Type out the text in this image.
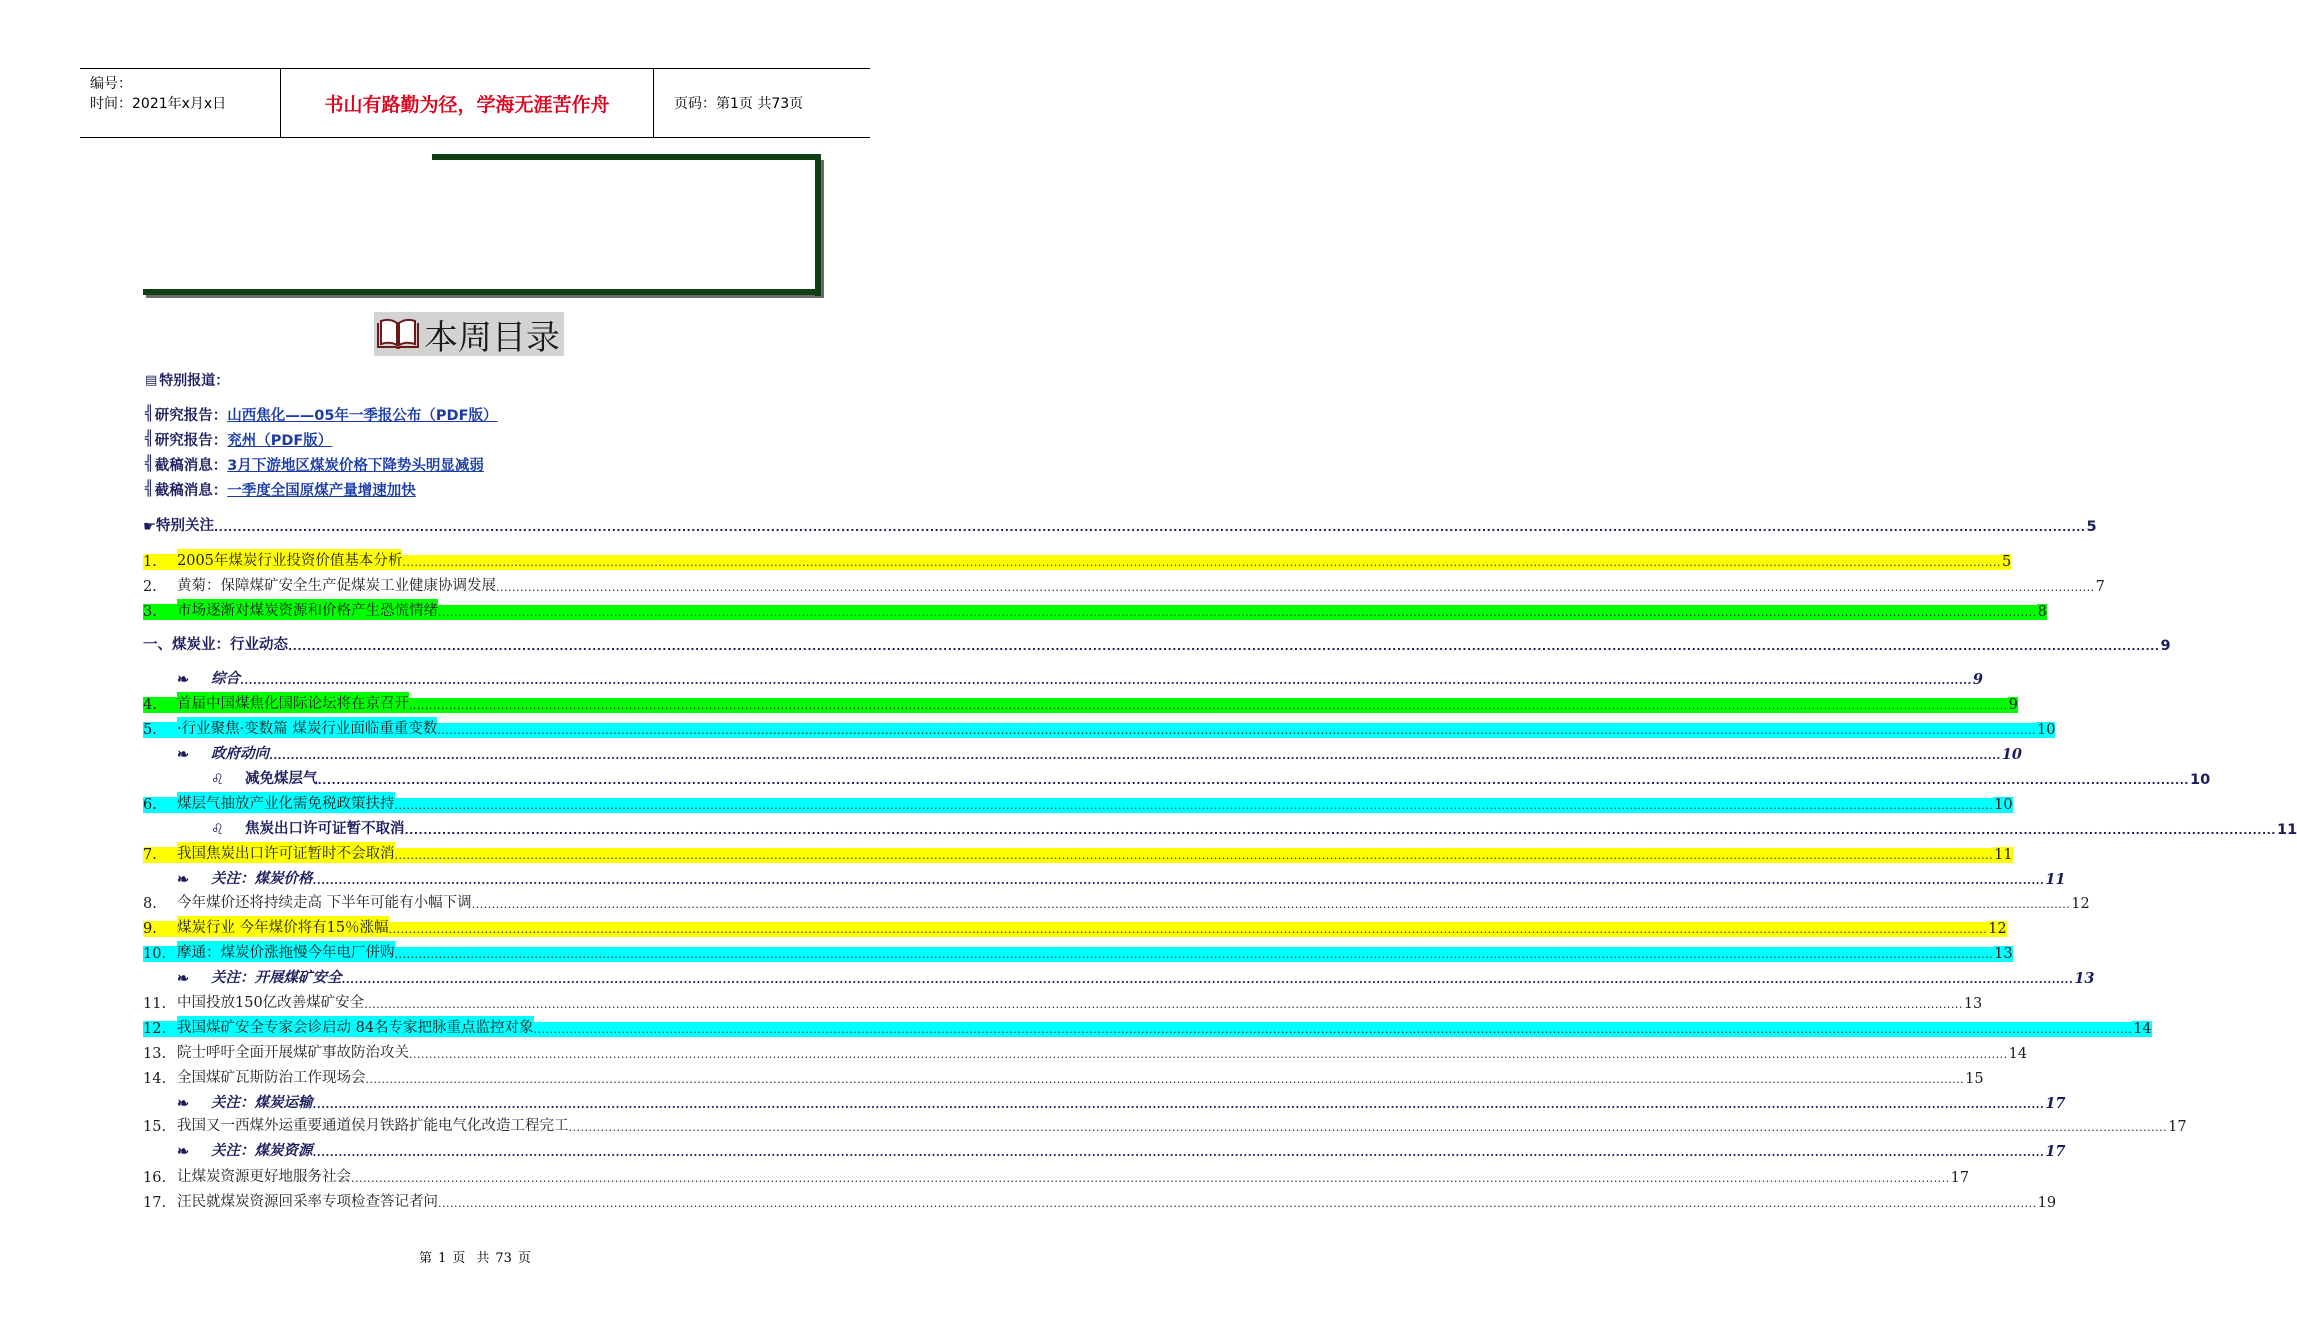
编号：
时间：2021年x月x日	书山有路勤为径，学海无涯苦作舟	页码：第1页 共73页
本周目录
▤ 特别报道：
╣ 研究报告： 山西焦化——05年一季报公布（PDF版）
╣ 研究报告： 兖州（PDF版）
╣ 截稿消息： 3月下游地区煤炭价格下降势头明显减弱
╣ 截稿消息： 一季度全国原煤产量增速加快
☛ 特别关注 ................................................................................................................................................................................................................................................................................................................................................................................................................ 5
1.	2005年煤炭行业投资价值基本分析 ................................................................................................................................................................................................................................................................................................................................................................................................................ 5
2.	黄菊：保障煤矿安全生产促煤炭工业健康协调发展 ................................................................................................................................................................................................................................................................................................................................................................................................................ 7
3.	市场逐渐对煤炭资源和价格产生恐慌情绪 ................................................................................................................................................................................................................................................................................................................................................................................................................ 8
一、煤炭业：行业动态 ................................................................................................................................................................................................................................................................................................................................................................................................................ 9
❧	综合 ................................................................................................................................................................................................................................................................................................................................................................................................................ 9
4.	首届中国煤焦化国际论坛将在京召开 ................................................................................................................................................................................................................................................................................................................................................................................................................ 9
5.	·行业聚焦·变数篇 煤炭行业面临重重变数 ................................................................................................................................................................................................................................................................................................................................................................................................................ 10
❧	政府动向 ................................................................................................................................................................................................................................................................................................................................................................................................................ 10
♌	减免煤层气 ................................................................................................................................................................................................................................................................................................................................................................................................................ 10
6.	煤层气抽放产业化需免税政策扶持 ................................................................................................................................................................................................................................................................................................................................................................................................................ 10
♌	焦炭出口许可证暂不取消 ................................................................................................................................................................................................................................................................................................................................................................................................................ 11
7.	我国焦炭出口许可证暂时不会取消 ................................................................................................................................................................................................................................................................................................................................................................................................................ 11
❧	关注：煤炭价格 ................................................................................................................................................................................................................................................................................................................................................................................................................ 11
8.	今年煤价还将持续走高 下半年可能有小幅下调 ................................................................................................................................................................................................................................................................................................................................................................................................................ 12
9.	煤炭行业 今年煤价将有15％涨幅 ................................................................................................................................................................................................................................................................................................................................................................................................................ 12
10. 摩通：煤炭价涨拖慢今年电厂併购 ................................................................................................................................................................................................................................................................................................................................................................................................................ 13
❧	关注：开展煤矿安全 ................................................................................................................................................................................................................................................................................................................................................................................................................ 13
11. 中国投放150亿改善煤矿安全 ................................................................................................................................................................................................................................................................................................................................................................................................................ 13
12. 我国煤矿安全专家会诊启动 84名专家把脉重点监控对象 ................................................................................................................................................................................................................................................................................................................................................................................................................ 14
13. 院士呼吁全面开展煤矿事故防治攻关 ................................................................................................................................................................................................................................................................................................................................................................................................................ 14
14. 全国煤矿瓦斯防治工作现场会 ................................................................................................................................................................................................................................................................................................................................................................................................................ 15
❧	关注：煤炭运输 ................................................................................................................................................................................................................................................................................................................................................................................................................ 17
15. 我国又一西煤外运重要通道侯月铁路扩能电气化改造工程完工 ................................................................................................................................................................................................................................................................................................................................................................................................................ 17
❧	关注：煤炭资源 ................................................................................................................................................................................................................................................................................................................................................................................................................ 17
16. 让煤炭资源更好地服务社会 ................................................................................................................................................................................................................................................................................................................................................................................................................ 17
17. 汪民就煤炭资源回采率专项检查答记者问 ................................................................................................................................................................................................................................................................................................................................................................................................................ 19
第 1 页 共 73 页
